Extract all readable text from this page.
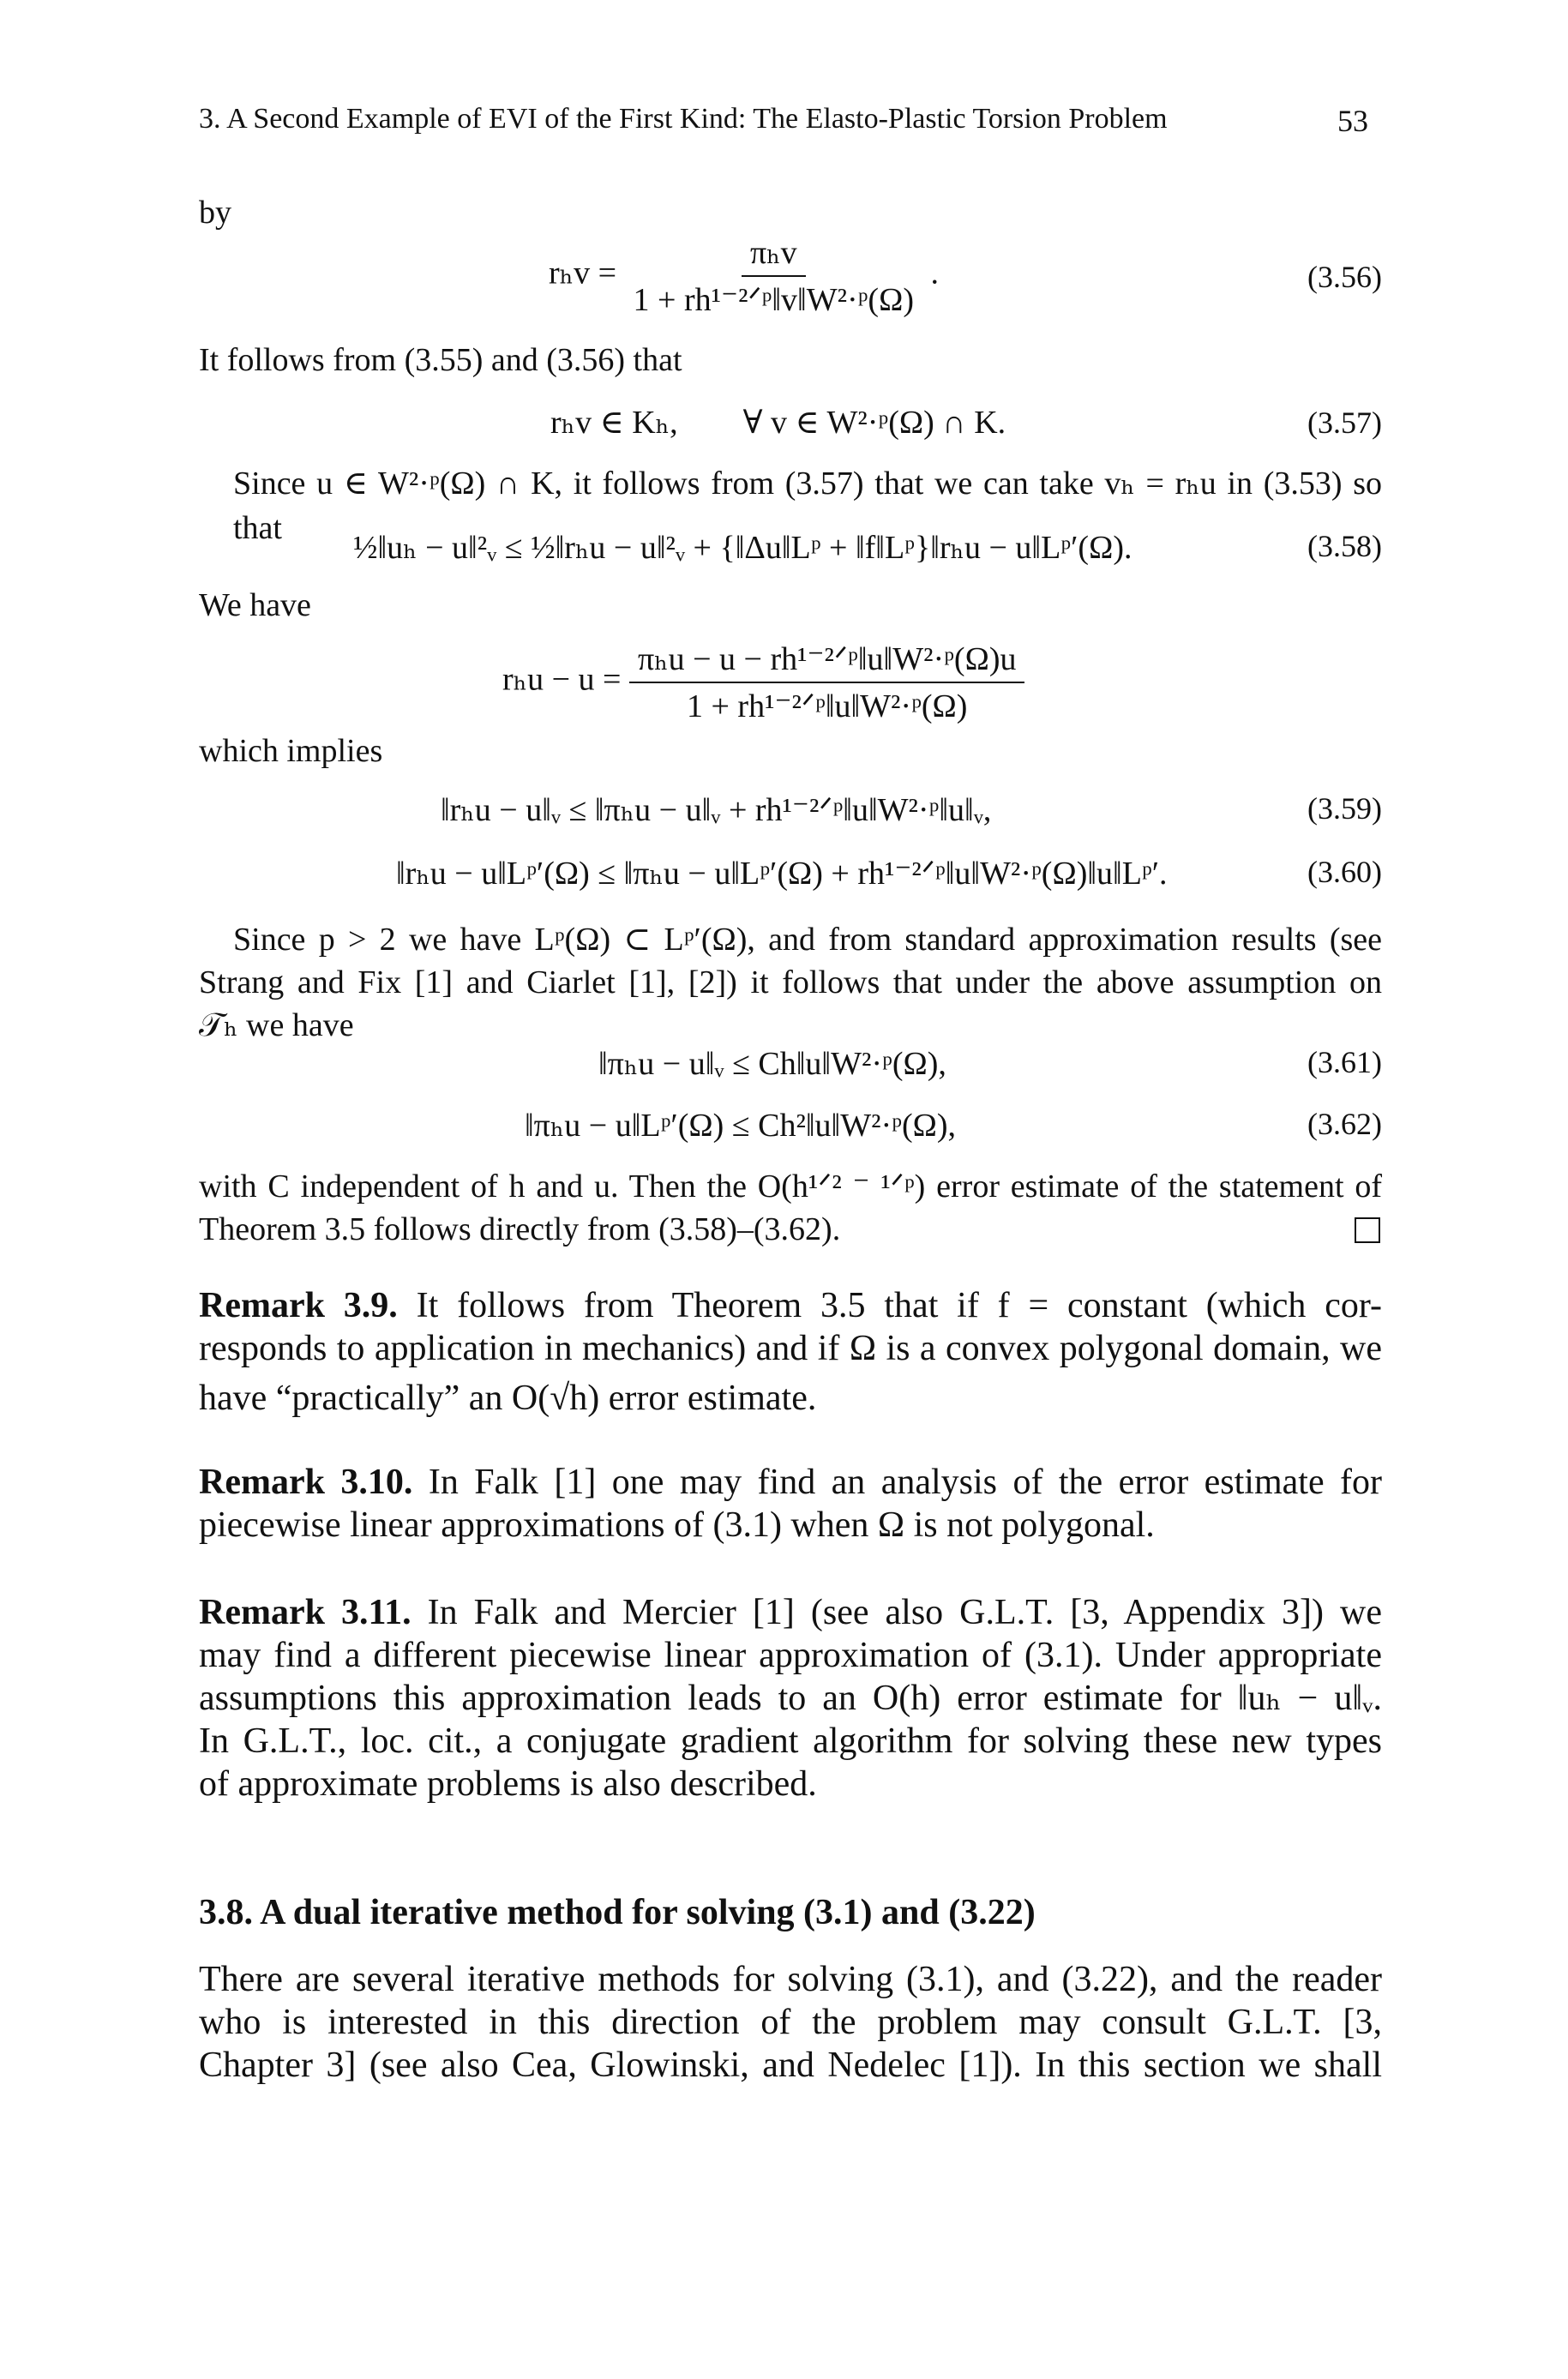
3. A Second Example of EVI of the First Kind: The Elasto-Plastic Torsion Problem	53
by
$r_hv = \frac{\text{πₕv}}{\text{1 + rh¹⁻²ᐟᵖ‖v‖W²·ᵖ(Ω)}}$ .	(3.56)
It follows from (3.55) and (3.56) that
rₕv ∈ Kₕ,        ∀ v ∈ W²·ᵖ(Ω) ∩ K.	(3.57)
Since u ∈ W²·ᵖ(Ω) ∩ K, it follows from (3.57) that we can take vₕ = rₕu in (3.53) so that
½‖uₕ − u‖²ᵥ ≤ ½‖rₕu − u‖²ᵥ + {‖Δu‖Lᵖ + ‖f‖Lᵖ}‖rₕu − u‖Lᵖ′(Ω).	(3.58)
We have
$r_hu - u = \frac{\text{πₕu − u − rh¹⁻²ᐟᵖ‖u‖W²·ᵖ(Ω)u}}{\text{1 + rh¹⁻²ᐟᵖ‖u‖W²·ᵖ(Ω)}}$
which implies
‖rₕu − u‖ᵥ ≤ ‖πₕu − u‖ᵥ + rh¹⁻²ᐟᵖ‖u‖W²·ᵖ‖u‖ᵥ,	(3.59)
‖rₕu − u‖Lᵖ′(Ω) ≤ ‖πₕu − u‖Lᵖ′(Ω) + rh¹⁻²ᐟᵖ‖u‖W²·ᵖ(Ω)‖u‖Lᵖ′.	(3.60)
Since p > 2 we have Lᵖ(Ω) ⊂ Lᵖ′(Ω), and from standard approximation results (see
Strang and Fix [1] and Ciarlet [1], [2]) it follows that under the above assumption on
𝒯ₕ we have
‖πₕu − u‖ᵥ ≤ Ch‖u‖W²·ᵖ(Ω),	(3.61)
‖πₕu − u‖Lᵖ′(Ω) ≤ Ch²‖u‖W²·ᵖ(Ω),	(3.62)
with C independent of h and u. Then the O(h¹ᐟ² ⁻ ¹ᐟᵖ) error estimate of the statement of
Theorem 3.5 follows directly from (3.58)–(3.62).
Remark 3.9. It follows from Theorem 3.5 that if f = constant (which cor-
responds to application in mechanics) and if Ω is a convex polygonal domain, we
have “practically” an O(√h) error estimate.
Remark 3.10. In Falk [1] one may find an analysis of the error estimate for
piecewise linear approximations of (3.1) when Ω is not polygonal.
Remark 3.11. In Falk and Mercier [1] (see also G.L.T. [3, Appendix 3]) we
may find a different piecewise linear approximation of (3.1). Under appropriate
assumptions this approximation leads to an O(h) error estimate for ‖uₕ − u‖ᵥ.
In G.L.T., loc. cit., a conjugate gradient algorithm for solving these new types
of approximate problems is also described.
3.8. A dual iterative method for solving (3.1) and (3.22)
There are several iterative methods for solving (3.1), and (3.22), and the reader
who is interested in this direction of the problem may consult G.L.T. [3,
Chapter 3] (see also Cea, Glowinski, and Nedelec [1]). In this section we shall
